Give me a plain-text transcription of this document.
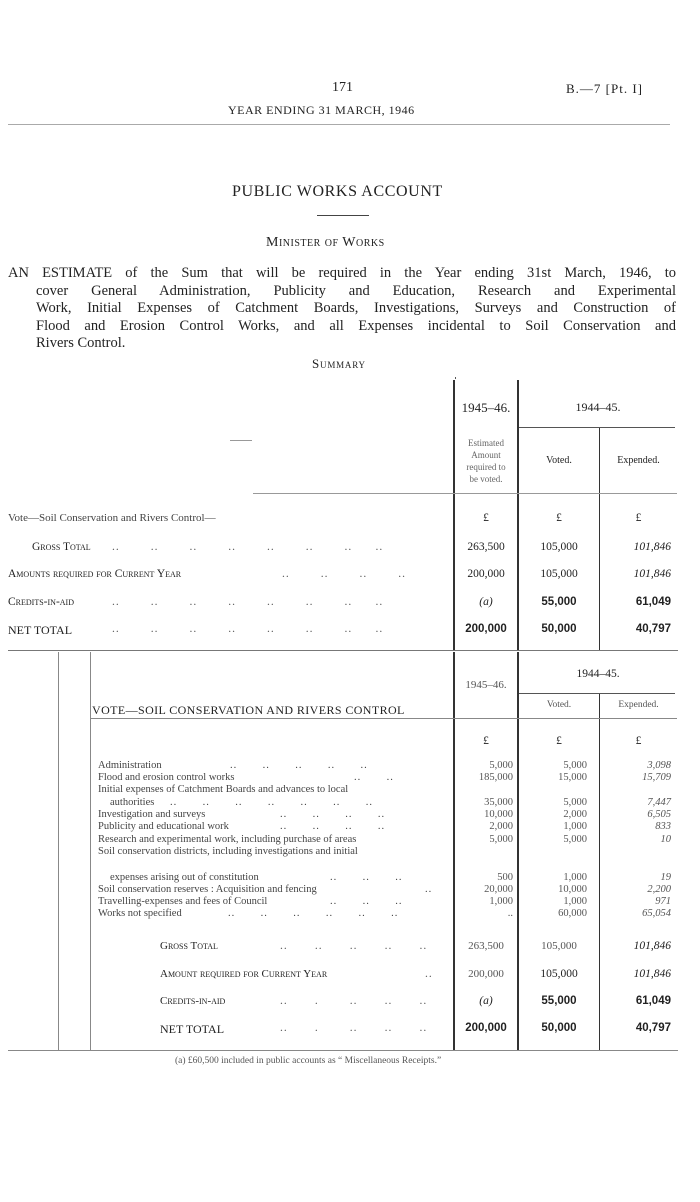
171	B.—7 [Pt. I]
YEAR ENDING 31 MARCH, 1946
PUBLIC WORKS ACCOUNT
Minister of Works
AN ESTIMATE of the Sum that will be required in the Year ending 31st March, 1946, to
cover General Administration, Publicity and Education, Research and Experimental
Work, Initial Expenses of Catchment Boards, Investigations, Surveys and Construction of
Flood and Erosion Control Works, and all Expenses incidental to Soil Conservation and
Rivers Control.
Summary
1945–46.	1944–45.
Estimated
Amount
required to
be voted.
Voted.	Expended.
Vote—Soil Conservation and Rivers Control—	£	£	£
Gross Total ..        ..        ..        ..        ..        ..        ..      ..	263,500	105,000	101,846
Amounts required for Current Year	..        ..        ..        ..	200,000	105,000	101,846
Credits-in-aid	..        ..        ..        ..        ..        ..        ..      ..	(a)	55,000	61,049
NET TOTAL	..        ..        ..        ..        ..        ..        ..      ..	200,000	50,000	40,797
1945–46.
1944–45.
Voted.	Expended.
VOTE—SOIL CONSERVATION AND RIVERS CONTROL
£	£	£
Administration	..       ..       ..       ..       ..	5,000	5,000	3,098
Flood and erosion control works	..       ..	185,000	15,000	15,709
Initial expenses of Catchment Boards and advances to local
authorities ..       ..       ..       ..       ..       ..       ..	35,000	5,000	7,447
Investigation and surveys	..       ..       ..       ..	10,000	2,000	6,505
Publicity and educational work	..       ..       ..       ..	2,000	1,000	833
Research and experimental work, including purchase of areas	5,000	5,000	10
Soil conservation districts, including investigations and initial
expenses arising out of constitution	..       ..       ..	500	1,000	19
Soil conservation reserves : Acquisition and fencing	..	20,000	10,000	2,200
Travelling-expenses and fees of Council	..       ..       ..	1,000	1,000	971
Works not specified	..       ..       ..       ..       ..       ..	..	60,000	65,054
Gross Total	..       ..       ..       ..       ..	263,500	105,000	101,846
Amount required for Current Year	..	200,000	105,000	101,846
Credits-in-aid	..       .        ..       ..       ..	(a)	55,000	61,049
NET TOTAL	..       .        ..       ..       ..	200,000	50,000	40,797
(a) £60,500 included in public accounts as “ Miscellaneous Receipts.”
